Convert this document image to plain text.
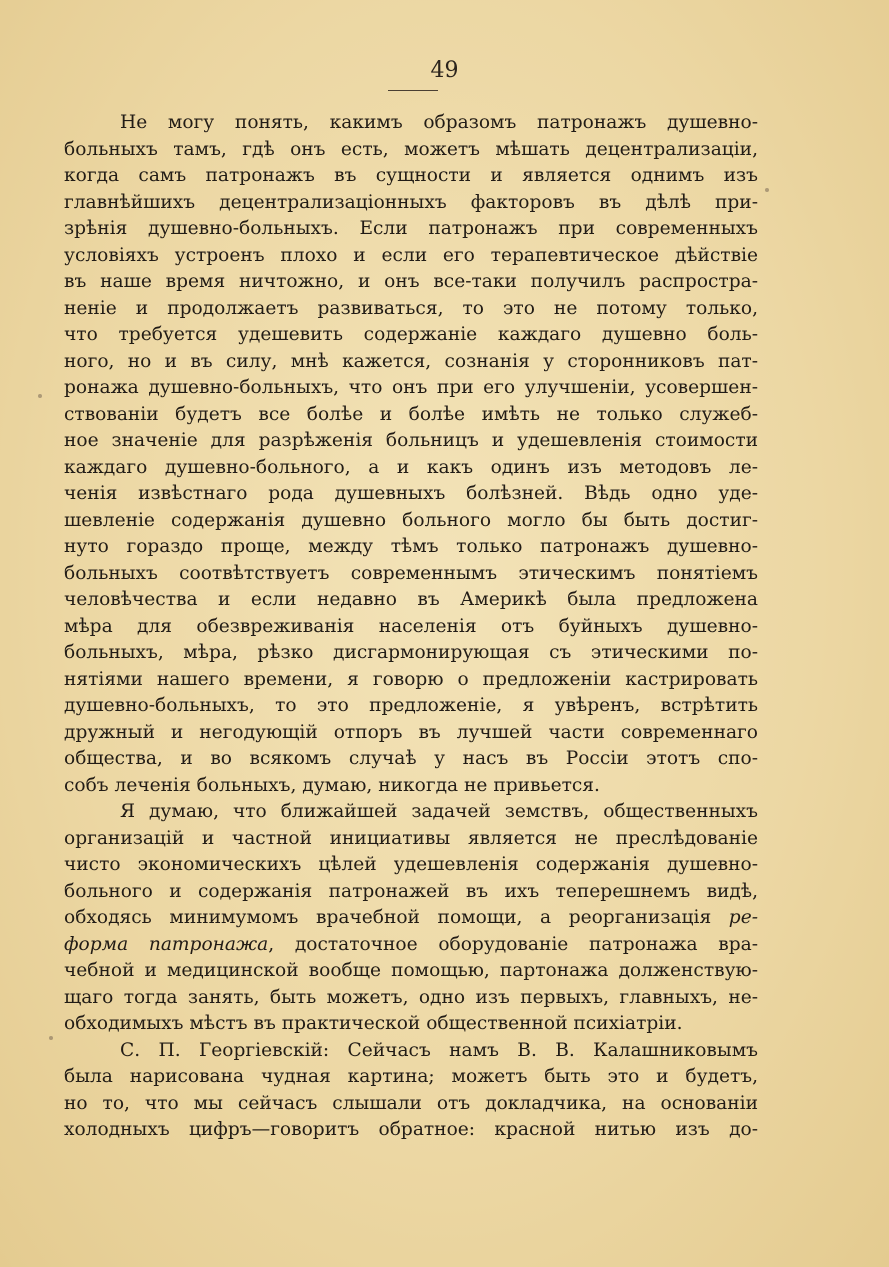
49
Не могу понять, какимъ образомъ патронажъ душевно-
больныхъ тамъ, гдѣ онъ есть, можетъ мѣшать децентрализаціи,
когда самъ патронажъ въ сущности и является однимъ изъ
главнѣйшихъ децентрализаціонныхъ факторовъ въ дѣлѣ при-
зрѣнія душевно-больныхъ. Если патронажъ при современныхъ
условіяхъ устроенъ плохо и если его терапевтическое дѣйствіе
въ наше время ничтожно, и онъ все-таки получилъ распростра-
неніе и продолжаетъ развиваться, то это не потому только,
что требуется удешевить содержаніе каждаго душевно боль-
ного, но и въ силу, мнѣ кажется, сознанія у сторонниковъ пат-
ронажа душевно-больныхъ, что онъ при его улучшеніи, усовершен-
ствованіи будетъ все болѣе и болѣе имѣть не только служеб-
ное значеніе для разрѣженія больницъ и удешевленія стоимости
каждаго душевно-больного, а и какъ одинъ изъ методовъ ле-
ченія извѣстнаго рода душевныхъ болѣзней. Вѣдь одно уде-
шевленіе содержанія душевно больного могло бы быть достиг-
нуто гораздо проще, между тѣмъ только патронажъ душевно-
больныхъ соотвѣтствуетъ современнымъ этическимъ понятіемъ
человѣчества и если недавно въ Америкѣ была предложена
мѣра для обезвреживанія населенія отъ буйныхъ душевно-
больныхъ, мѣра, рѣзко дисгармонирующая съ этическими по-
нятіями нашего времени, я говорю о предложеніи кастрировать
душевно-больныхъ, то это предложеніе, я увѣренъ, встрѣтить
дружный и негодующій отпоръ въ лучшей части современнаго
общества, и во всякомъ случаѣ у насъ въ Россіи этотъ спо-
собъ леченія больныхъ, думаю, никогда не привьется.
Я думаю, что ближайшей задачей земствъ, общественныхъ
организацій и частной инициативы является не преслѣдованіе
чисто экономическихъ цѣлей удешевленія содержанія душевно-
больного и содержанія патронажей въ ихъ теперешнемъ видѣ,
обходясь минимумомъ врачебной помощи, а реорганизація ре-
форма патронажа, достаточное оборудованіе патронажа вра-
чебной и медицинской вообще помощью, партонажа долженствую-
щаго тогда занять, быть можетъ, одно изъ первыхъ, главныхъ, не-
обходимыхъ мѣстъ въ практической общественной психіатріи.
С. П. Георгіевскій: Сейчасъ намъ В. В. Калашниковымъ
была нарисована чудная картина; можетъ быть это и будетъ,
но то, что мы сейчасъ слышали отъ докладчика, на основаніи
холодныхъ цифръ—говоритъ обратное: красной нитью изъ до-
